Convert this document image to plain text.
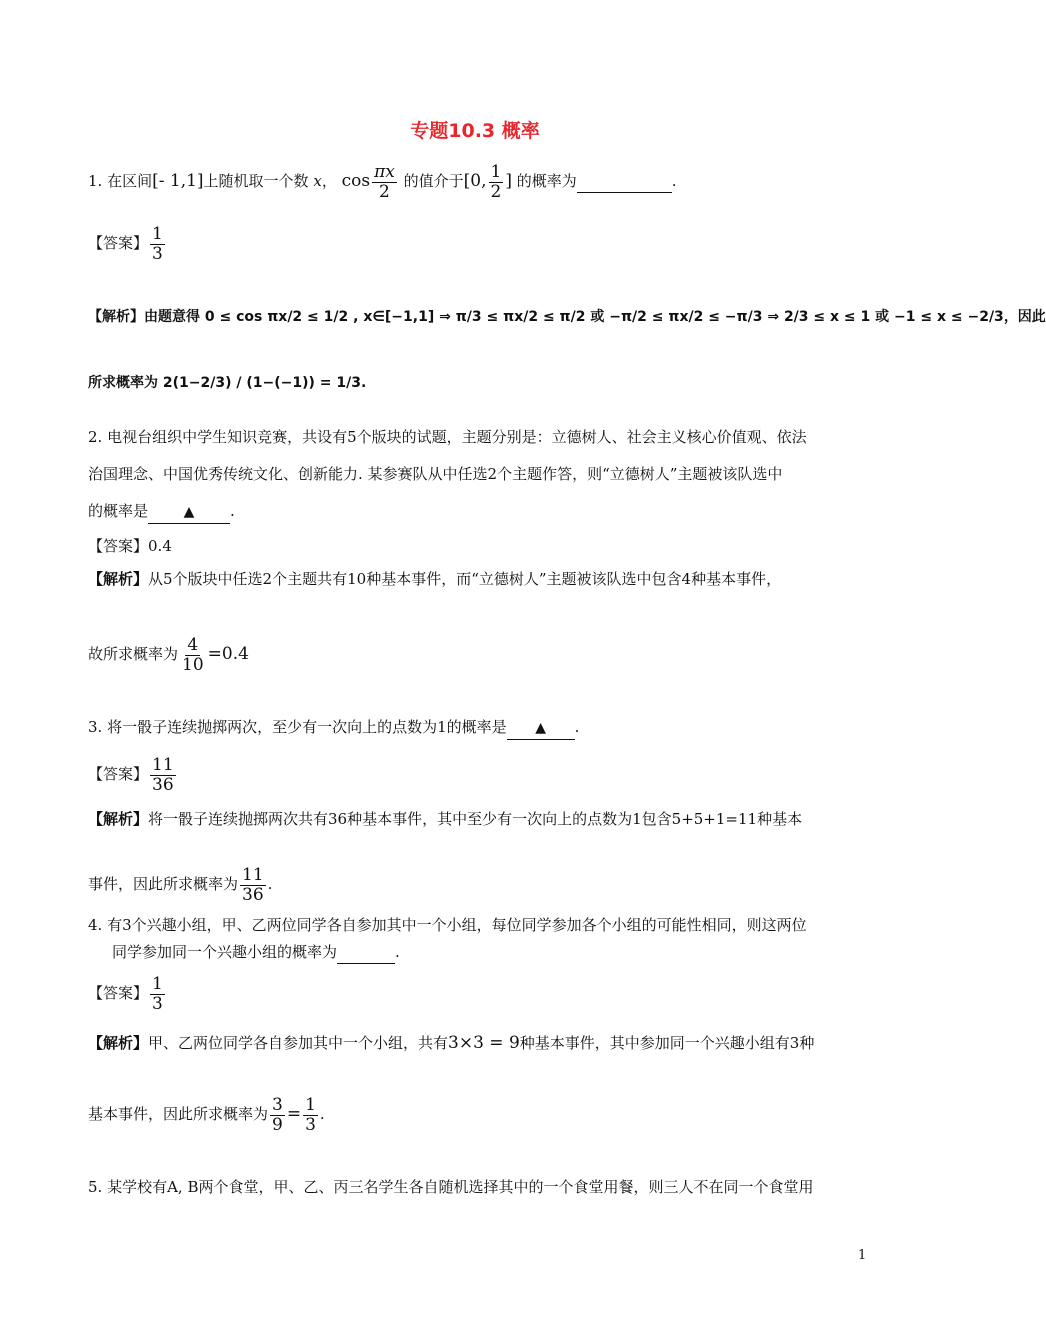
专题10.3 概率
1. 在区间[- 1,1]上随机取一个数 x， $\cos \frac{\pi x}{2}$ 的值介于[0, $\frac{1}{2}$ ] 的概率为	.
【答案】 $\frac{1}{3}$
【解析】由题意得 0 ≤ cos πx/2 ≤ 1/2 , x∈[−1,1] ⇒ π/3 ≤ πx/2 ≤ π/2 或 −π/2 ≤ πx/2 ≤ −π/3 ⇒ 2/3 ≤ x ≤ 1 或 −1 ≤ x ≤ −2/3，因此
所求概率为 2(1−2/3) / (1−(−1)) = 1/3.
2. 电视台组织中学生知识竞赛，共设有5个版块的试题，主题分别是：立德树人、社会主义核心价值观、依法
治国理念、中国优秀传统文化、创新能力. 某参赛队从中任选2个主题作答，则“立德树人”主题被该队选中
的概率是	▲ .
【答案】0.4
【解析】从5个版块中任选2个主题共有10种基本事件，而“立德树人”主题被该队选中包含4种基本事件，
故所求概率为 $\frac{4}{10} =0.4$
3. 将一骰子连续抛掷两次，至少有一次向上的点数为1的概率是 ▲ .
【答案】 $\frac{11}{36}$
【解析】将一骰子连续抛掷两次共有36种基本事件，其中至少有一次向上的点数为1包含5+5+1=11种基本
事件，因此所求概率为 $\frac{11}{36}$ .
4. 有3个兴趣小组，甲、乙两位同学各自参加其中一个小组，每位同学参加各个小组的可能性相同，则这两位
同学参加同一个兴趣小组的概率为	.
【答案】 $\frac{1}{3}$
【解析】甲、乙两位同学各自参加其中一个小组，共有3×3 = 9种基本事件，其中参加同一个兴趣小组有3种
基本事件，因此所求概率为 $\frac{3}{9} = \frac{1}{3}$ .
5. 某学校有A, B两个食堂，甲、乙、丙三名学生各自随机选择其中的一个食堂用餐，则三人不在同一个食堂用
1
